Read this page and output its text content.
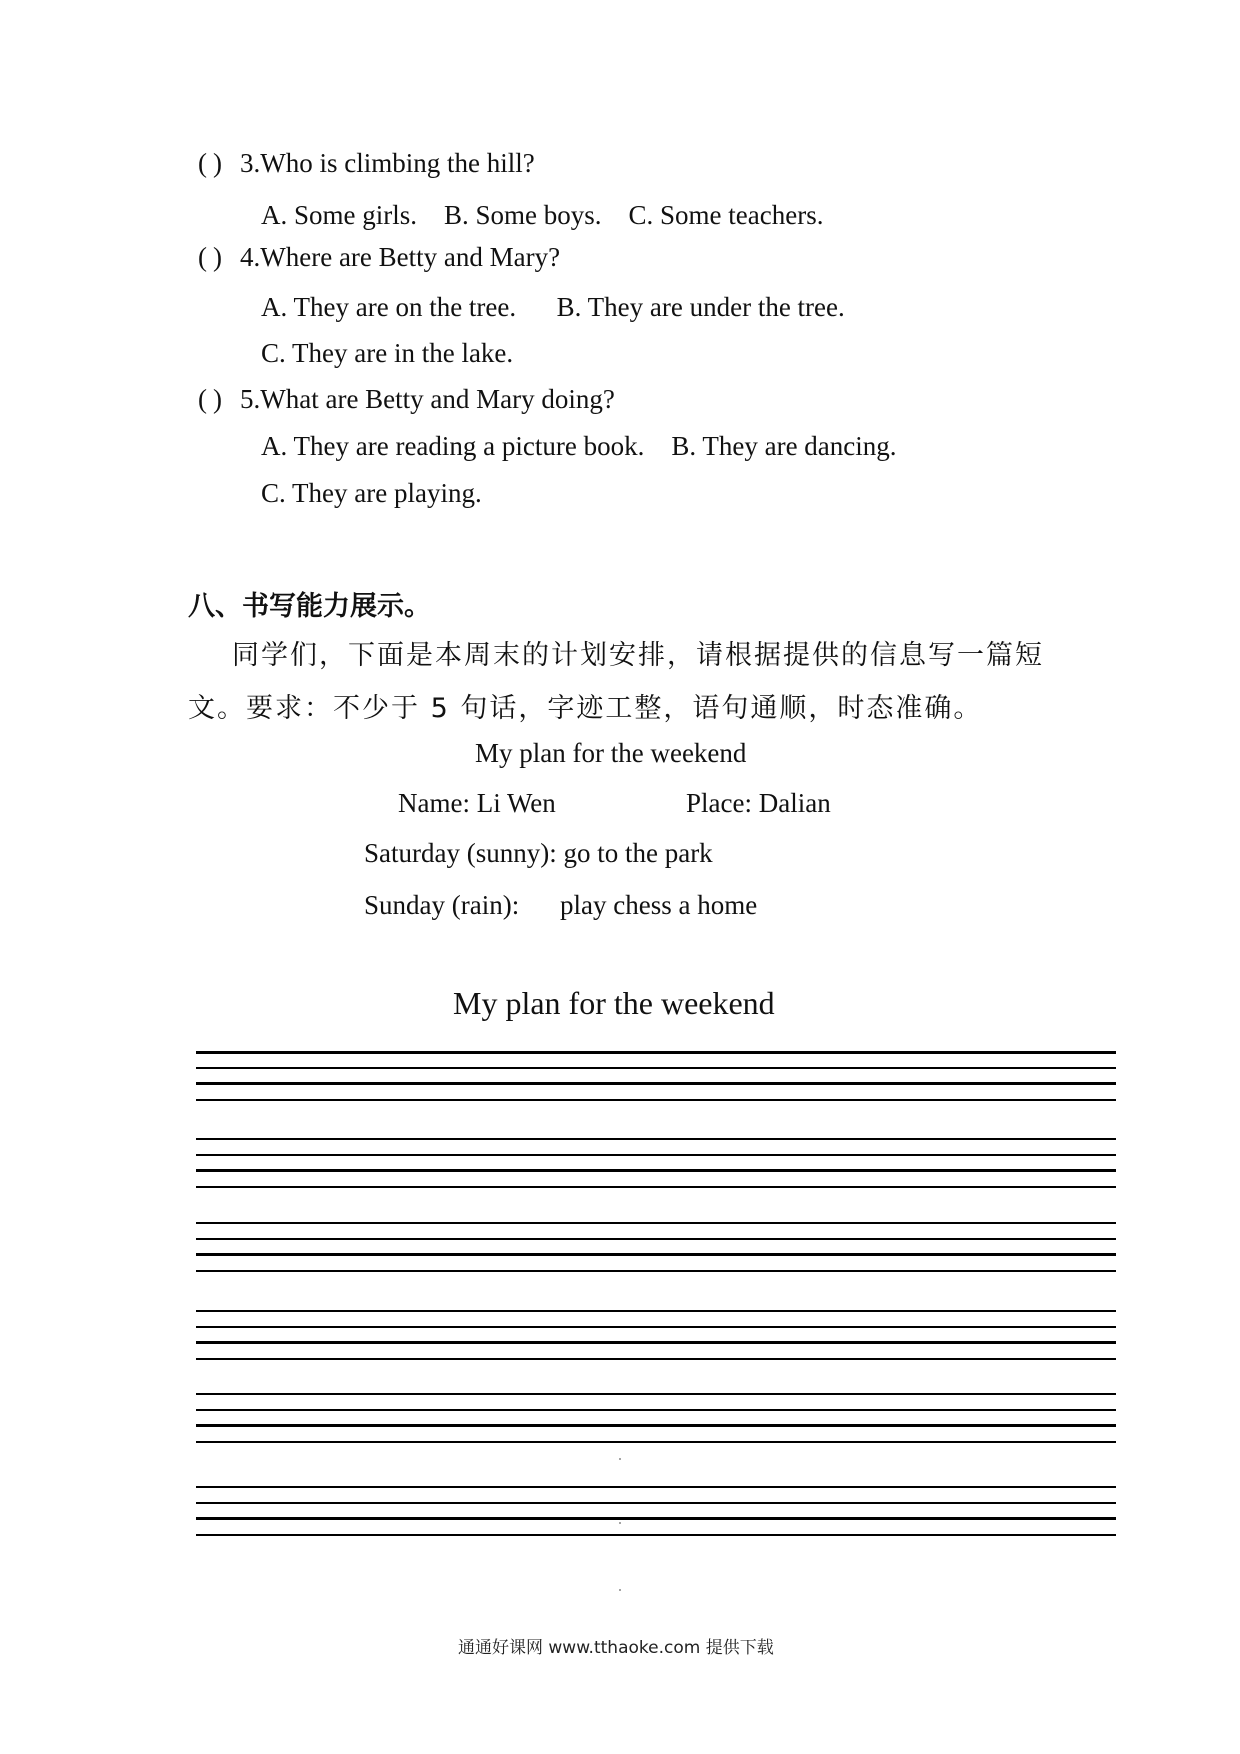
() 3.Who is climbing the hill?
A. Some girls.    B. Some boys.    C. Some teachers.
() 4.Where are Betty and Mary?
A. They are on the tree.      B. They are under the tree.
C. They are in the lake.
() 5.What are Betty and Mary doing?
A. They are reading a picture book.    B. They are dancing.
C. They are playing.
八、书写能力展示。
同学们，下面是本周末的计划安排，请根据提供的信息写一篇短
文。要求：不少于 5 句话，字迹工整，语句通顺，时态准确。
My plan for the weekend
Name: Li Wen	Place: Dalian
Saturday (sunny): go to the park
Sunday (rain): play chess a home
My plan for the weekend
通通好课网 www.tthaoke.com 提供下载
